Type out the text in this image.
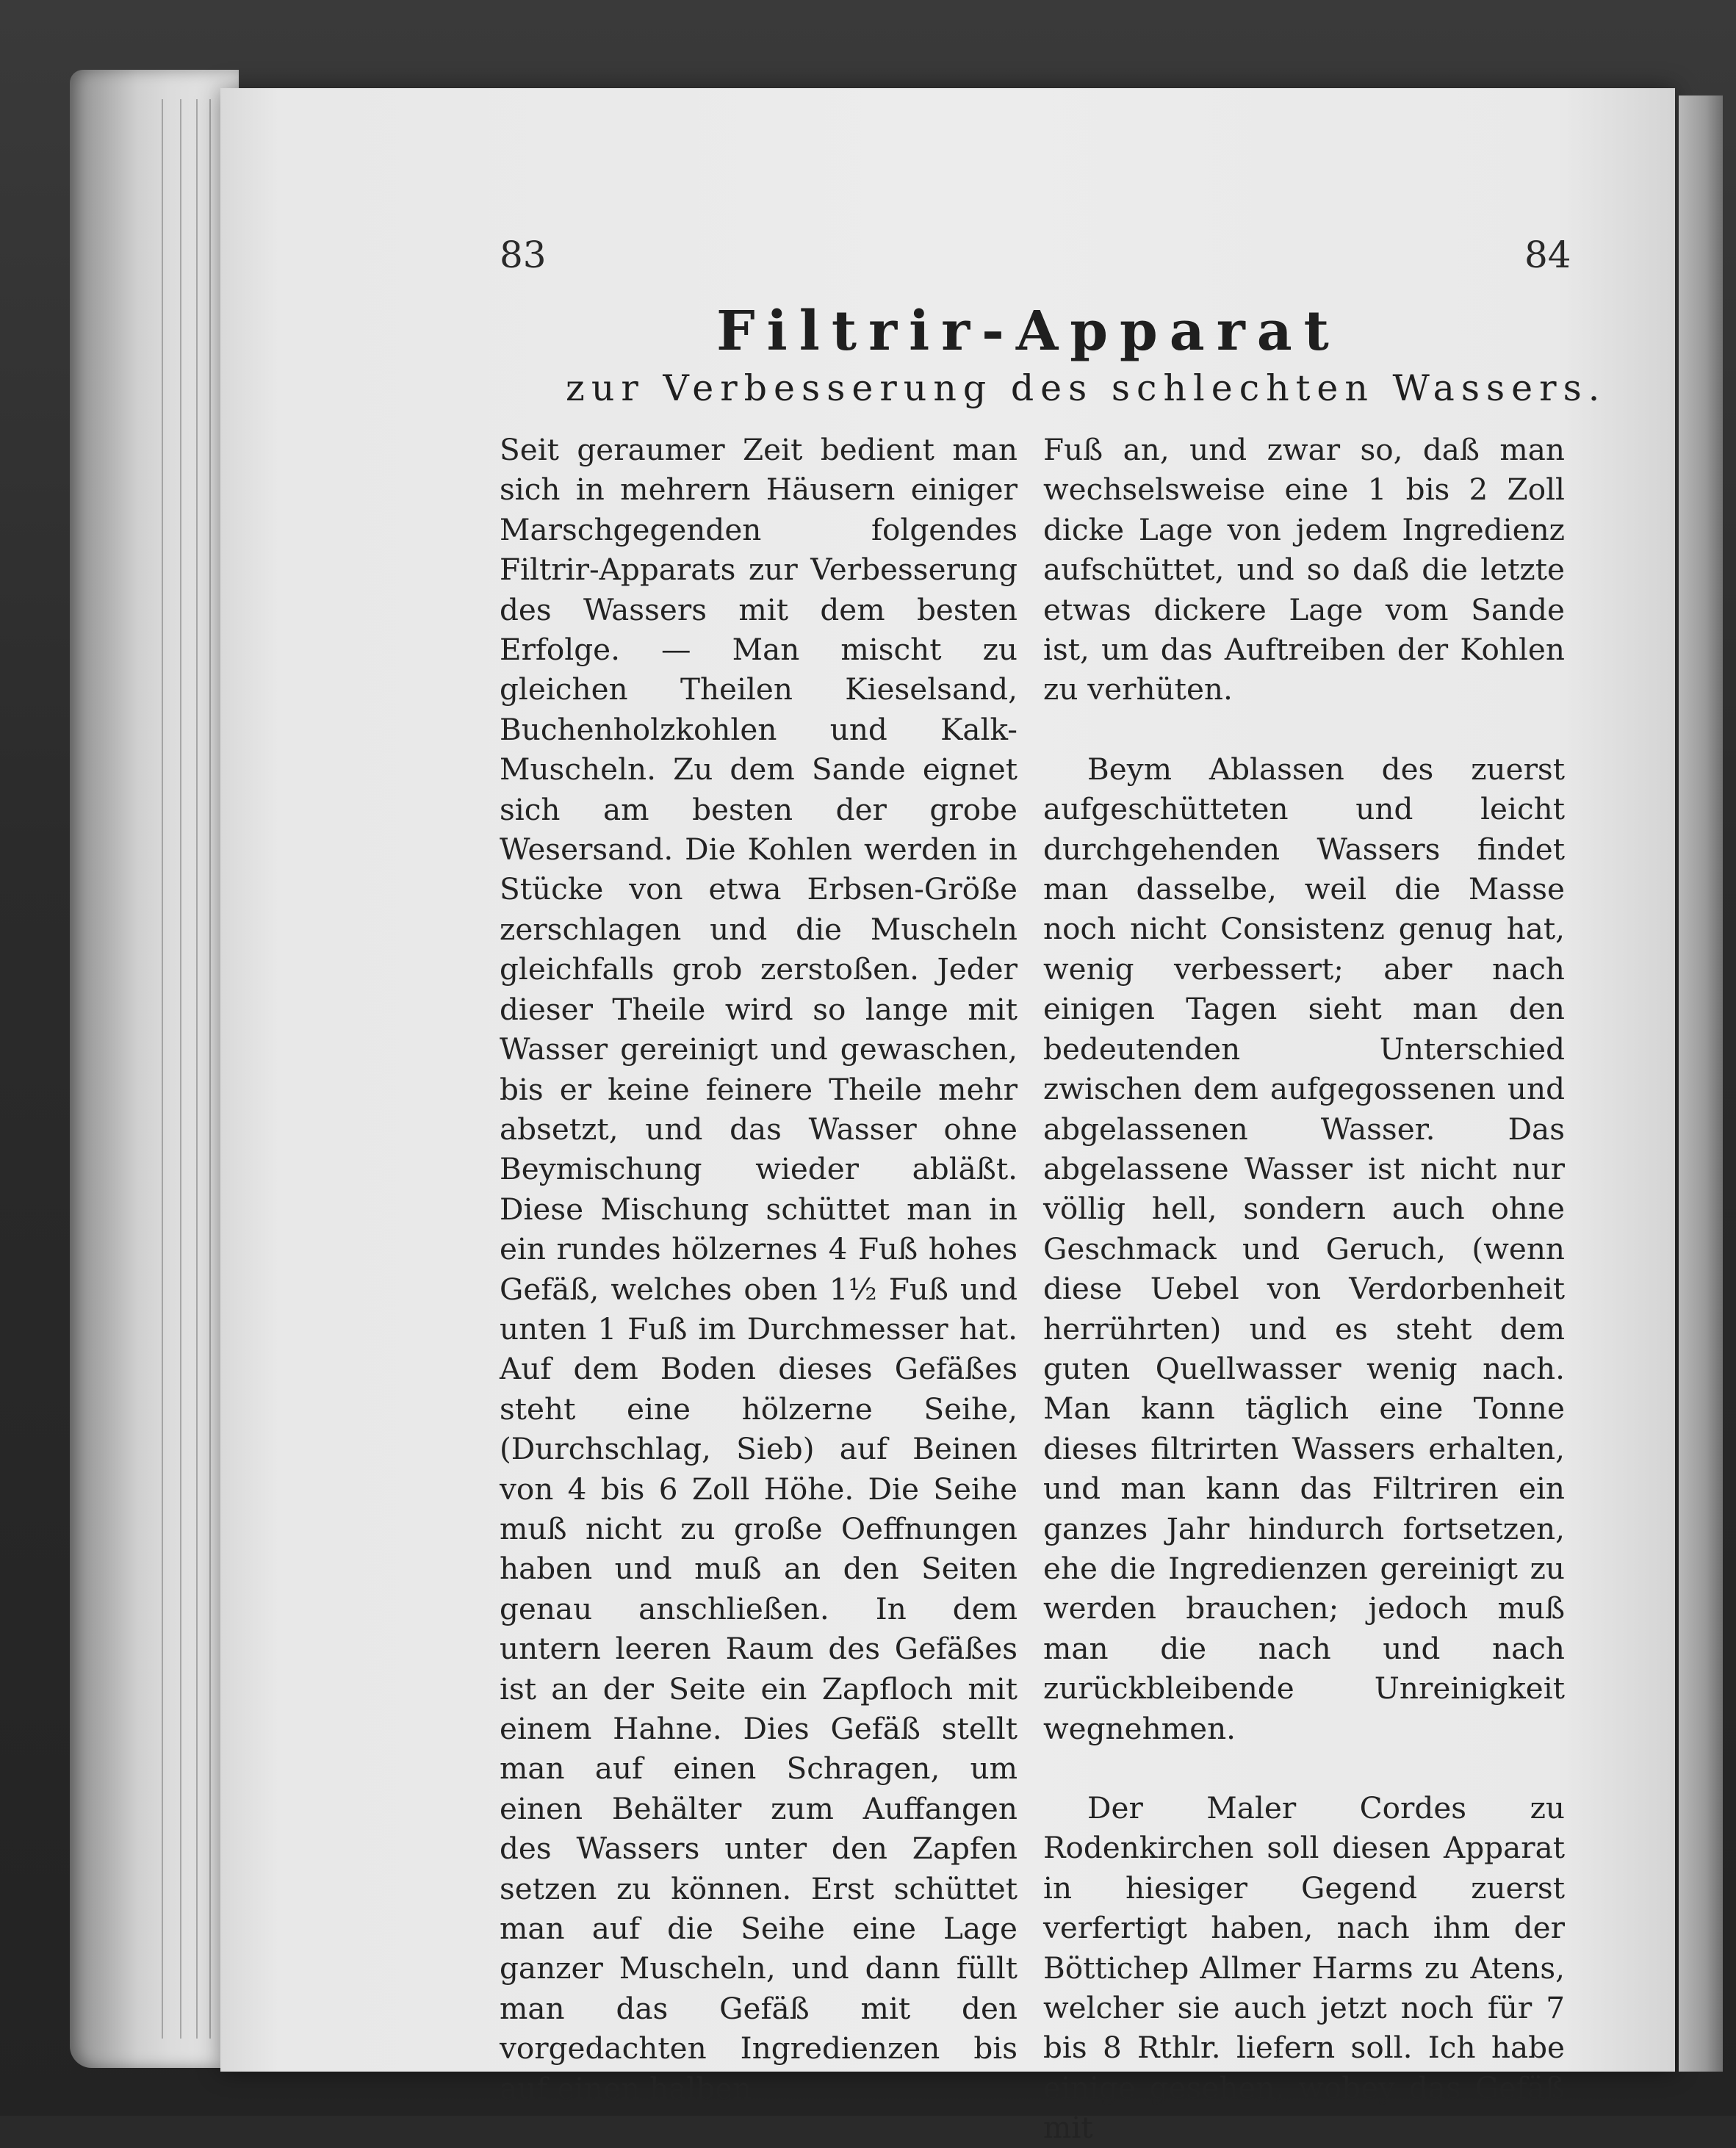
83	84
Filtrir-Apparat
zur Verbesserung des schlechten Wassers.

Seit geraumer Zeit bedient man sich in mehrern Häusern einiger Marschgegenden folgendes Filtrir-Apparats zur Verbesserung des Wassers mit dem besten Erfolge. — Man mischt zu gleichen Theilen Kieselsand, Buchenholzkohlen und Kalk-Muscheln. Zu dem Sande eignet sich am besten der grobe Wesersand. Die Kohlen werden in Stücke von etwa Erbsen-Größe zerschlagen und die Muscheln gleichfalls grob zerstoßen. Jeder dieser Theile wird so lange mit Wasser gereinigt und gewaschen, bis er keine feinere Theile mehr absetzt, und das Wasser ohne Beymischung wieder abläßt. Diese Mischung schüttet man in ein rundes hölzernes 4 Fuß hohes Gefäß, welches oben 1½ Fuß und unten 1 Fuß im Durchmesser hat. Auf dem Boden dieses Gefäßes steht eine hölzerne Seihe, (Durchschlag, Sieb) auf Beinen von 4 bis 6 Zoll Höhe. Die Seihe muß nicht zu große Oeffnungen haben und muß an den Seiten genau anschließen. In dem untern leeren Raum des Gefäßes ist an der Seite ein Zapfloch mit einem Hahne. Dies Gefäß stellt man auf einen Schragen, um einen Behälter zum Auffangen des Wassers unter den Zapfen setzen zu können. Erst schüttet man auf die Seihe eine Lage ganzer Muscheln, und dann füllt man das Gefäß mit den vorgedachten Ingredienzen bis auf einen halben

Fuß an, und zwar so, daß man wechselsweise eine 1 bis 2 Zoll dicke Lage von jedem Ingredienz aufschüttet, und so daß die letzte etwas dickere Lage vom Sande ist, um das Auftreiben der Kohlen zu verhüten.

Beym Ablassen des zuerst aufgeschütteten und leicht durchgehenden Wassers findet man dasselbe, weil die Masse noch nicht Consistenz genug hat, wenig verbessert; aber nach einigen Tagen sieht man den bedeutenden Unterschied zwischen dem aufgegossenen und abgelassenen Wasser. Das abgelassene Wasser ist nicht nur völlig hell, sondern auch ohne Geschmack und Geruch, (wenn diese Uebel von Verdorbenheit herrührten) und es steht dem guten Quellwasser wenig nach. Man kann täglich eine Tonne dieses filtrirten Wassers erhalten, und man kann das Filtriren ein ganzes Jahr hindurch fortsetzen, ehe die Ingredienzen gereinigt zu werden brauchen; jedoch muß man die nach und nach zurückbleibende Unreinigkeit wegnehmen.

Der Maler Cordes zu Rodenkirchen soll diesen Apparat in hiesiger Gegend zuerst verfertigt haben, nach ihm der Böttichер Allmer Harms zu Atens, welcher sie auch jetzt noch für 7 bis 8 Rthlr. liefern soll. Ich habe einige gesehen, wobey das Gefäß mit
